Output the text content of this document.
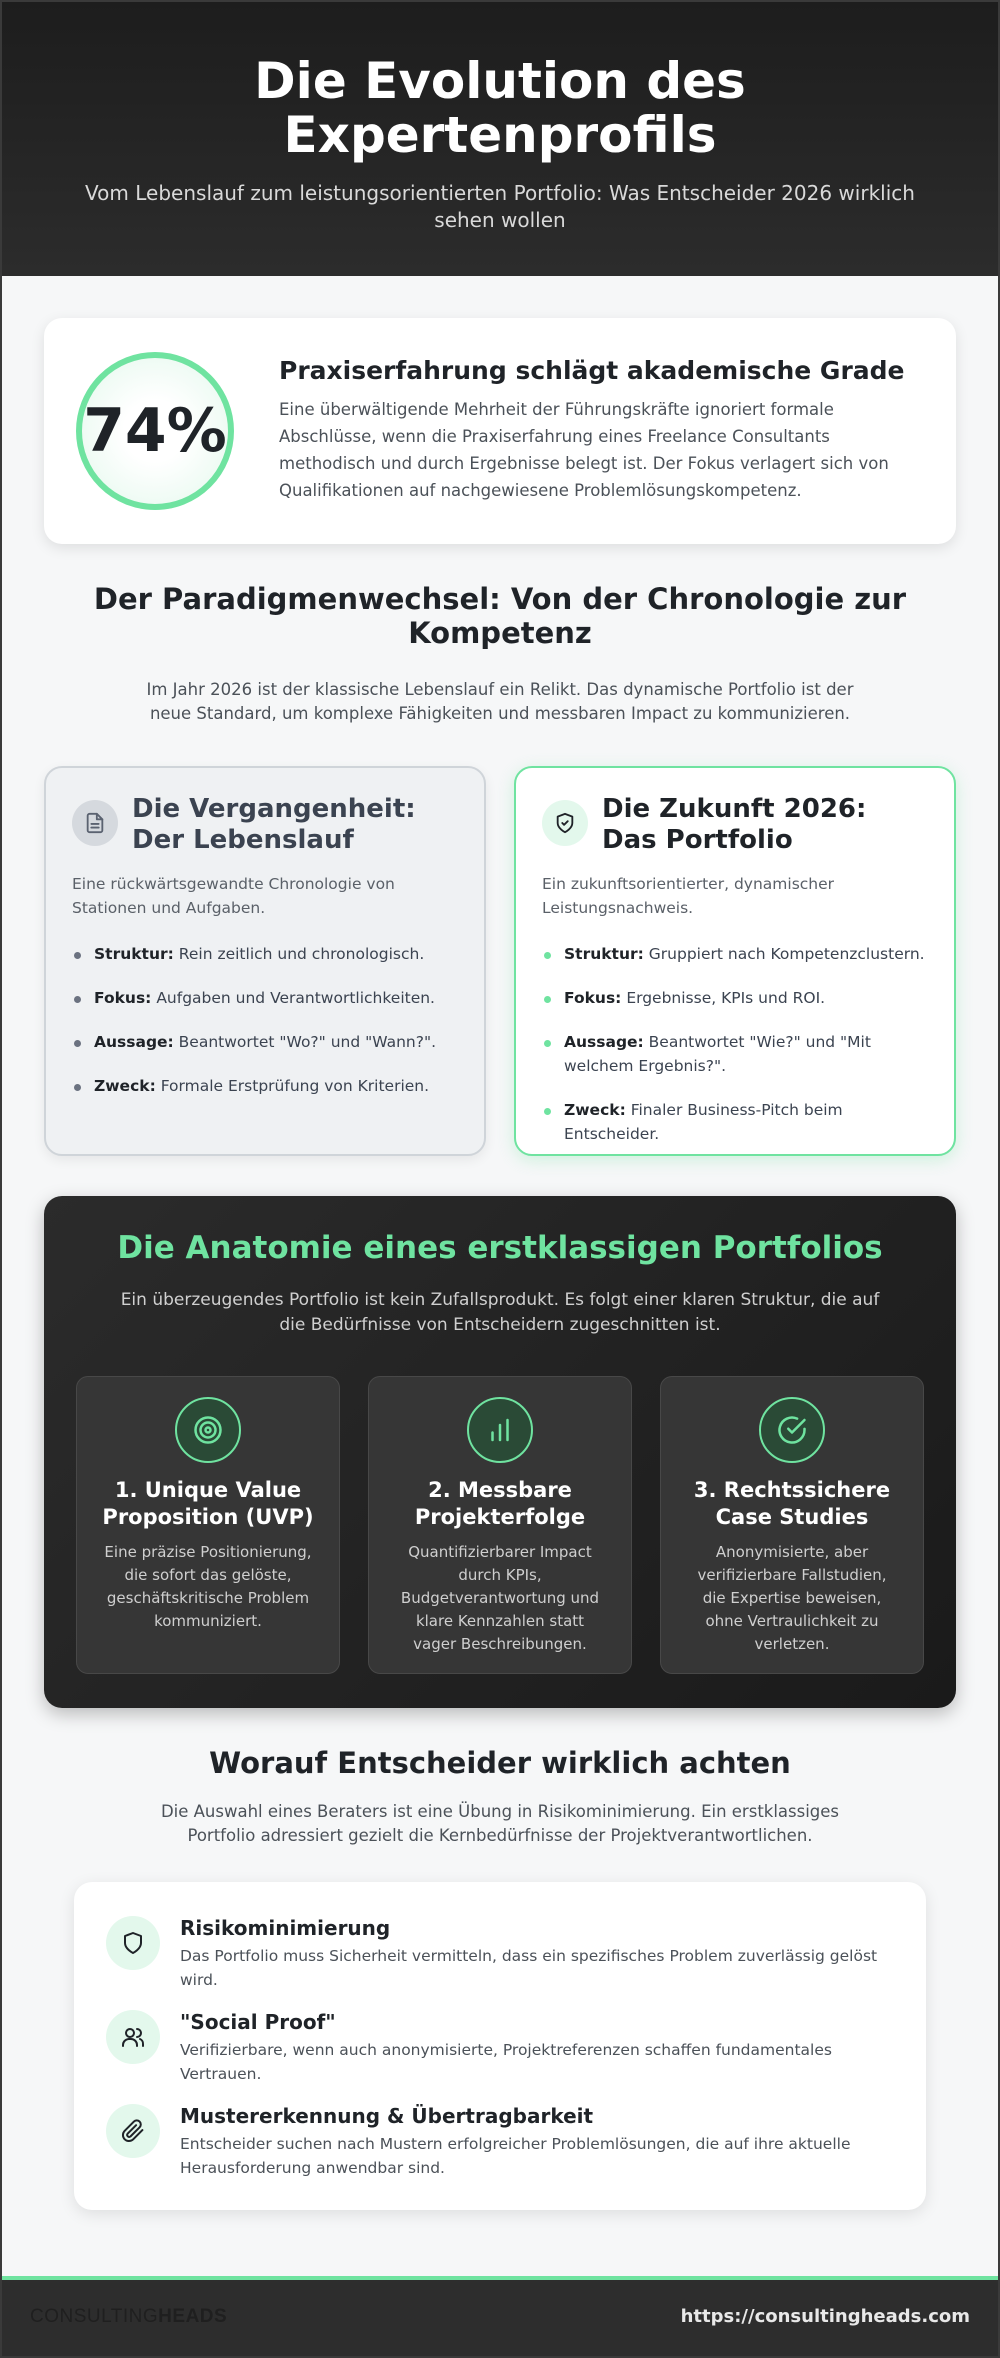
Die Evolution des Expertenprofils

Vom Lebenslauf zum leistungsorientierten Portfolio: Was Entscheider 2026 wirklich sehen wollen

74%
Praxiserfahrung schlägt akademische Grade
Eine überwältigende Mehrheit der Führungskräfte ignoriert formale Abschlüsse, wenn die Praxiserfahrung eines Freelance Consultants methodisch und durch Ergebnisse belegt ist. Der Fokus verlagert sich von Qualifikationen auf nachgewiesene Problemlösungskompetenz.
Der Paradigmenwechsel: Von der Chronologie zur Kompetenz

Im Jahr 2026 ist der klassische Lebenslauf ein Relikt. Das dynamische Portfolio ist der
neue Standard, um komplexe Fähigkeiten und messbaren Impact zu kommunizieren.

Die Vergangenheit: Der Lebenslauf
Eine rückwärtsgewandte Chronologie von Stationen und Aufgaben.
Struktur: Rein zeitlich und chronologisch.
Fokus: Aufgaben und Verantwortlichkeiten.
Aussage: Beantwortet "Wo?" und "Wann?".
Zweck: Formale Erstprüfung von Kriterien.
Die Zukunft 2026: Das Portfolio
Ein zukunftsorientierter, dynamischer Leistungsnachweis.
Struktur: Gruppiert nach Kompetenzclustern.
Fokus: Ergebnisse, KPIs und ROI.
Aussage: Beantwortet "Wie?" und "Mit welchem Ergebnis?".
Zweck: Finaler Business-Pitch beim Entscheider.
Die Anatomie eines erstklassigen Portfolios

Ein überzeugendes Portfolio ist kein Zufallsprodukt. Es folgt einer klaren Struktur, die auf
die Bedürfnisse von Entscheidern zugeschnitten ist.

1. Unique Value Proposition (UVP)
Eine präzise Positionierung, die sofort das gelöste, geschäftskritische Problem kommuniziert.
2. Messbare Projekterfolge
Quantifizierbarer Impact durch KPIs, Budgetverantwortung und klare Kennzahlen statt vager Beschreibungen.
3. Rechtssichere Case Studies
Anonymisierte, aber verifizierbare Fallstudien, die Expertise beweisen, ohne Vertraulichkeit zu verletzen.
Worauf Entscheider wirklich achten

Die Auswahl eines Beraters ist eine Übung in Risikominimierung. Ein erstklassiges
Portfolio adressiert gezielt die Kernbedürfnisse der Projektverantwortlichen.

Risikominimierung
Das Portfolio muss Sicherheit vermitteln, dass ein spezifisches Problem zuverlässig gelöst wird.
"Social Proof"
Verifizierbare, wenn auch anonymisierte, Projektreferenzen schaffen fundamentales Vertrauen.
Mustererkennung & Übertragbarkeit
Entscheider suchen nach Mustern erfolgreicher Problemlösungen, die auf ihre aktuelle Herausforderung anwendbar sind.
CONSULTINGHEADS	https://consultingheads.com
